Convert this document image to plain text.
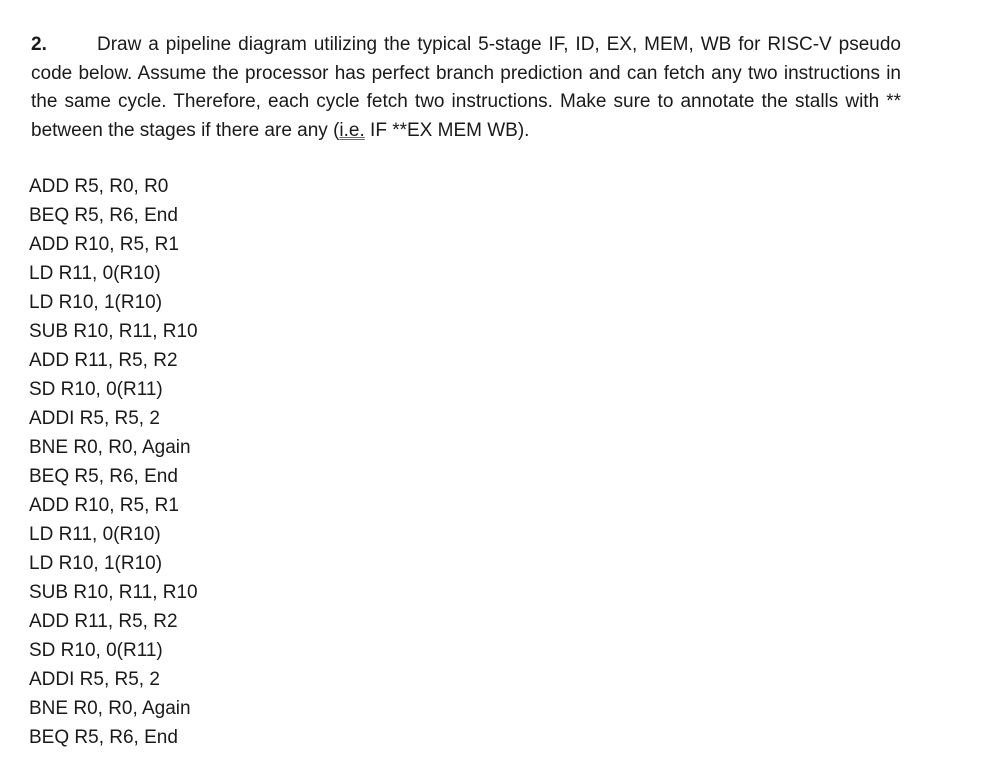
2.	Draw a pipeline diagram utilizing the typical 5-stage IF, ID, EX, MEM, WB for RISC-V pseudo code below. Assume the processor has perfect branch prediction and can fetch any two instructions in the same cycle. Therefore, each cycle fetch two instructions. Make sure to annotate the stalls with ** between the stages if there are any (i.e. IF **EX MEM WB).
ADD R5, R0, R0
BEQ R5, R6, End
ADD R10, R5, R1
LD R11, 0(R10)
LD R10, 1(R10)
SUB R10, R11, R10
ADD R11, R5, R2
SD R10, 0(R11)
ADDI R5, R5, 2
BNE R0, R0, Again
BEQ R5, R6, End
ADD R10, R5, R1
LD R11, 0(R10)
LD R10, 1(R10)
SUB R10, R11, R10
ADD R11, R5, R2
SD R10, 0(R11)
ADDI R5, R5, 2
BNE R0, R0, Again
BEQ R5, R6, End
